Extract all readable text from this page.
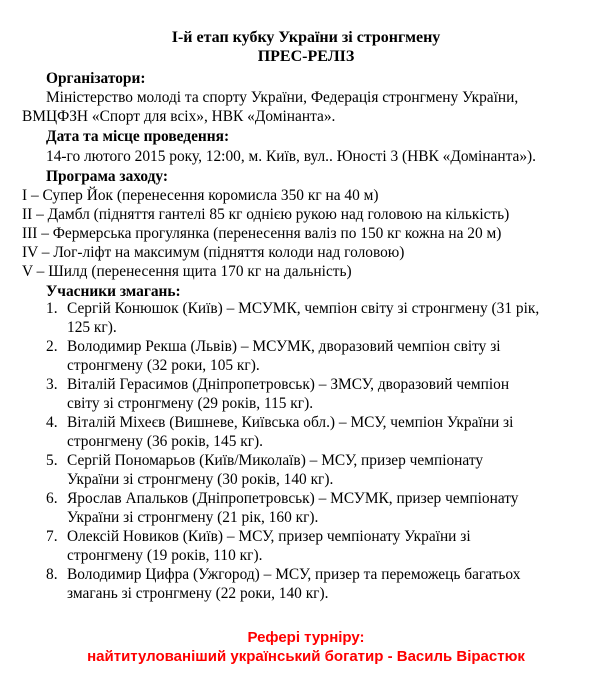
І-й етап кубку України зі стронгмену
ПРЕС-РЕЛІЗ
Організатори:
Міністерство молоді та спорту України, Федерація стронгмену України,
ВМЦФЗН «Спорт для всіх», НВК «Домінанта».
Дата та місце проведення:
14-го лютого 2015 року, 12:00, м. Київ, вул.. Юності 3 (НВК «Домінанта»).
Програма заходу:
І – Супер Йок (перенесення коромисла 350 кг на 40 м)
ІІ – Дамбл (підняття гантелі 85 кг однією рукою над головою на кількість)
ІІІ – Фермерська прогулянка (перенесення валіз по 150 кг кожна на 20 м)
ІV – Лог-ліфт на максимум (підняття колоди над головою)
V – Шилд (перенесення щита 170 кг на дальність)
Учасники змагань:
1. Сергій Конюшок (Київ) – МСУМК, чемпіон світу зі стронгмену (31 рік,
125 кг).
2. Володимир Рекша (Львів) – МСУМК, дворазовий чемпіон світу зі
стронгмену (32 роки, 105 кг).
3. Віталій Герасимов (Дніпропетровськ) – ЗМСУ, дворазовий чемпіон
світу зі стронгмену (29 років, 115 кг).
4. Віталій Міхеєв (Вишневе, Київська обл.) – МСУ, чемпіон України зі
стронгмену (36 років, 145 кг).
5. Сергій Пономарьов (Київ/Миколаїв) – МСУ, призер чемпіонату
України зі стронгмену (30 років, 140 кг).
6. Ярослав Апальков (Дніпропетровськ) – МСУМК, призер чемпіонату
України зі стронгмену (21 рік, 160 кг).
7. Олексій Новиков (Київ) – МСУ, призер чемпіонату України зі
стронгмену (19 років, 110 кг).
8. Володимир Цифра (Ужгород) – МСУ, призер та переможець багатьох
змагань зі стронгмену (22 роки, 140 кг).
Рефері турніру:
найтитулованіший український богатир - Василь Вірастюк
